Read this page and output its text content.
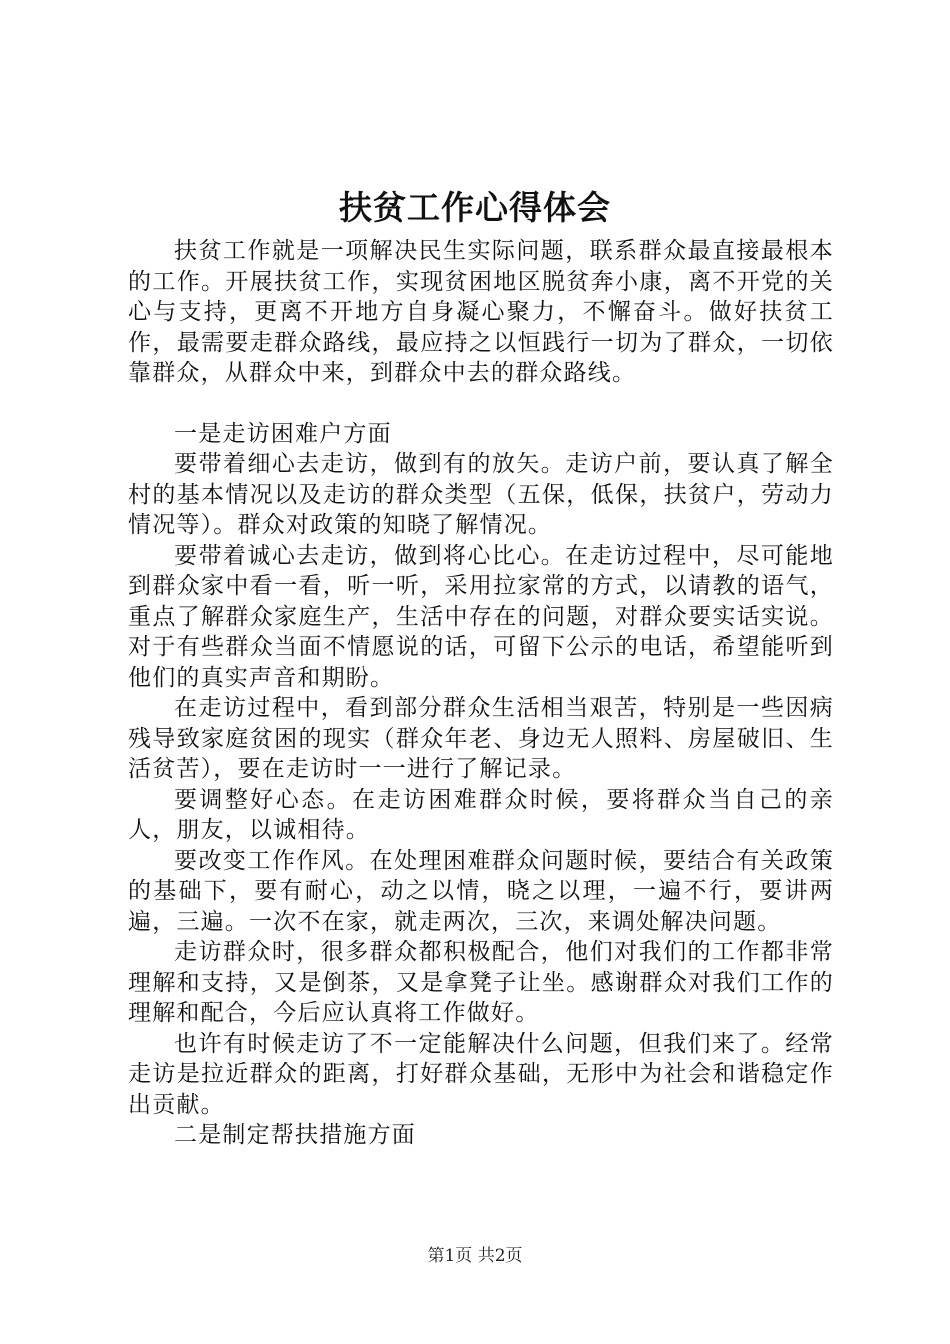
扶贫工作心得体会

扶贫工作就是一项解决民生实际问题，联系群众最直接最根本的工作。开展扶贫工作，实现贫困地区脱贫奔小康，离不开党的关心与支持，更离不开地方自身凝心聚力，不懈奋斗。做好扶贫工作，最需要走群众路线，最应持之以恒践行一切为了群众，一切依靠群众，从群众中来，到群众中去的群众路线。

一是走访困难户方面

要带着细心去走访，做到有的放矢。走访户前，要认真了解全村的基本情况以及走访的群众类型（五保，低保，扶贫户，劳动力情况等）。群众对政策的知晓了解情况。

要带着诚心去走访，做到将心比心。在走访过程中，尽可能地到群众家中看一看，听一听，采用拉家常的方式，以请教的语气，重点了解群众家庭生产，生活中存在的问题，对群众要实话实说。对于有些群众当面不情愿说的话，可留下公示的电话，希望能听到他们的真实声音和期盼。

在走访过程中，看到部分群众生活相当艰苦，特别是一些因病残导致家庭贫困的现实（群众年老、身边无人照料、房屋破旧、生活贫苦），要在走访时一一进行了解记录。

要调整好心态。在走访困难群众时候，要将群众当自己的亲人，朋友，以诚相待。

要改变工作作风。在处理困难群众问题时候，要结合有关政策的基础下，要有耐心，动之以情，晓之以理，一遍不行，要讲两遍，三遍。一次不在家，就走两次，三次，来调处解决问题。

走访群众时，很多群众都积极配合，他们对我们的工作都非常理解和支持，又是倒茶，又是拿凳子让坐。感谢群众对我们工作的理解和配合，今后应认真将工作做好。

也许有时候走访了不一定能解决什么问题，但我们来了。经常走访是拉近群众的距离，打好群众基础，无形中为社会和谐稳定作出贡献。

二是制定帮扶措施方面

第1页 共2页
